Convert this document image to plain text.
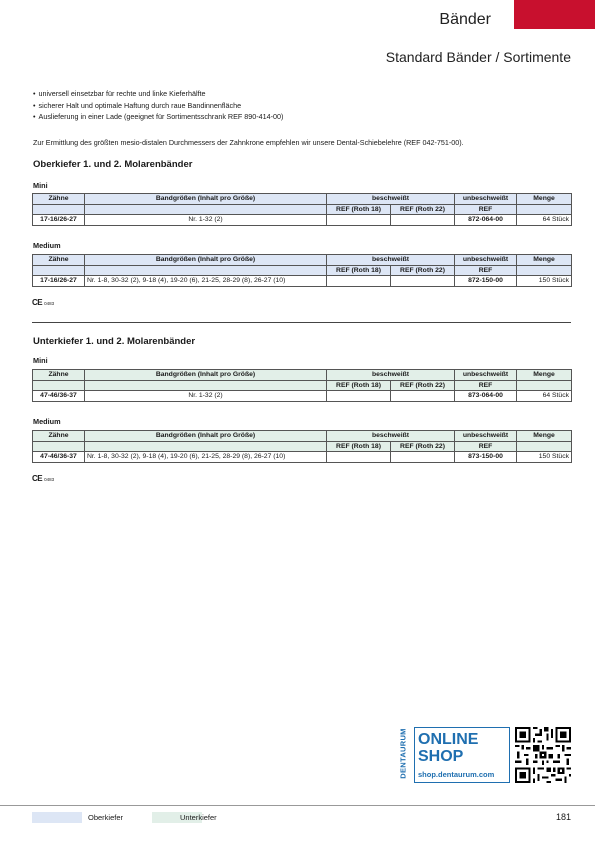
Bänder
Standard Bänder / Sortimente
• universell einsetzbar für rechte und linke Kieferhälfte
• sicherer Halt und optimale Haftung durch raue Bandinnenfläche
• Auslieferung in einer Lade (geeignet für Sortimentsschrank REF 890-414-00)
Zur Ermittlung des größten mesio-distalen Durchmessers der Zahnkrone empfehlen wir unsere Dental-Schiebelehre (REF 042-751-00).
Oberkiefer 1. und 2. Molarenbänder
Mini
Zähne	Bandgrößen (Inhalt pro Größe)	beschweißt		unbeschweißt	Menge
		REF (Roth 18)	REF (Roth 22)	REF	
17-16/26-27	Nr. 1-32 (2)			872-064-00	64 Stück
Medium
Zähne	Bandgrößen (Inhalt pro Größe)	beschweißt		unbeschweißt	Menge
		REF (Roth 18)	REF (Roth 22)	REF	
17-16/26-27	Nr. 1-8, 30-32 (2), 9-18 (4), 19-20 (6), 21-25, 28-29 (8), 26-27 (10)			872-150-00	150 Stück
CE 0483
Unterkiefer 1. und 2. Molarenbänder
Mini
Zähne	Bandgrößen (Inhalt pro Größe)	beschweißt		unbeschweißt	Menge
		REF (Roth 18)	REF (Roth 22)	REF	
47-46/36-37	Nr. 1-32 (2)			873-064-00	64 Stück
Medium
Zähne	Bandgrößen (Inhalt pro Größe)	beschweißt		unbeschweißt	Menge
		REF (Roth 18)	REF (Roth 22)	REF	
47-46/36-37	Nr. 1-8, 30-32 (2), 9-18 (4), 19-20 (6), 21-25, 28-29 (8), 26-27 (10)			873-150-00	150 Stück
CE 0483
DENTAURUM ONLINE
SHOP
shop.dentaurum.com
Oberkiefer	Unterkiefer	181
